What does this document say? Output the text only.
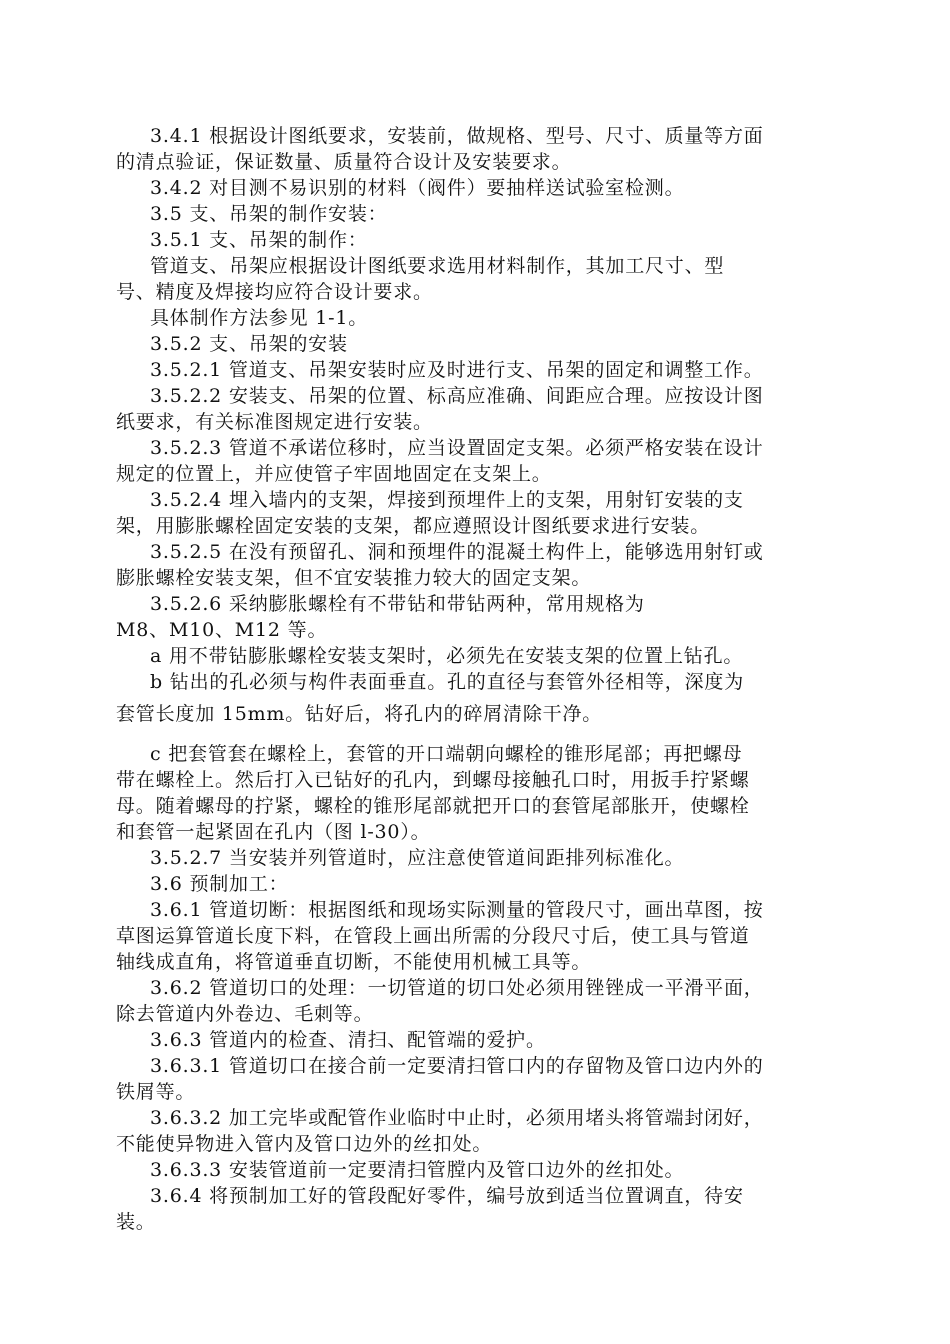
3.4.1 根据设计图纸要求，安装前，做规格、型号、尺寸、质量等方面
的清点验证，保证数量、质量符合设计及安装要求。
3.4.2 对目测不易识别的材料（阀件）要抽样送试验室检测。
3.5 支、吊架的制作安装：
3.5.1 支、吊架的制作：
管道支、吊架应根据设计图纸要求选用材料制作，其加工尺寸、型
号、精度及焊接均应符合设计要求。
具体制作方法参见 1-1。
3.5.2 支、吊架的安装
3.5.2.1 管道支、吊架安装时应及时进行支、吊架的固定和调整工作。
3.5.2.2 安装支、吊架的位置、标高应准确、间距应合理。应按设计图
纸要求，有关标准图规定进行安装。
3.5.2.3 管道不承诺位移时，应当设置固定支架。必须严格安装在设计
规定的位置上，并应使管子牢固地固定在支架上。
3.5.2.4 埋入墙内的支架，焊接到预埋件上的支架，用射钉安装的支
架，用膨胀螺栓固定安装的支架，都应遵照设计图纸要求进行安装。
3.5.2.5 在没有预留孔、洞和预埋件的混凝土构件上，能够选用射钉或
膨胀螺栓安装支架，但不宜安装推力较大的固定支架。
3.5.2.6 采纳膨胀螺栓有不带钻和带钻两种，常用规格为
M8、M10、M12 等。
a 用不带钻膨胀螺栓安装支架时，必须先在安装支架的位置上钻孔。
b 钻出的孔必须与构件表面垂直。孔的直径与套管外径相等，深度为
套管长度加 15mm。钻好后，将孔内的碎屑清除干净。
c 把套管套在螺栓上，套管的开口端朝向螺栓的锥形尾部；再把螺母
带在螺栓上。然后打入已钻好的孔内，到螺母接触孔口时，用扳手拧紧螺
母。随着螺母的拧紧，螺栓的锥形尾部就把开口的套管尾部胀开，使螺栓
和套管一起紧固在孔内（图 l-30）。
3.5.2.7 当安装并列管道时，应注意使管道间距排列标准化。
3.6 预制加工：
3.6.1 管道切断：根据图纸和现场实际测量的管段尺寸，画出草图，按
草图运算管道长度下料，在管段上画出所需的分段尺寸后，使工具与管道
轴线成直角，将管道垂直切断，不能使用机械工具等。
3.6.2 管道切口的处理：一切管道的切口处必须用锉锉成一平滑平面，
除去管道内外卷边、毛刺等。
3.6.3 管道内的检查、清扫、配管端的爱护。
3.6.3.1 管道切口在接合前一定要清扫管口内的存留物及管口边内外的
铁屑等。
3.6.3.2 加工完毕或配管作业临时中止时，必须用堵头将管端封闭好，
不能使异物进入管内及管口边外的丝扣处。
3.6.3.3 安装管道前一定要清扫管膛内及管口边外的丝扣处。
3.6.4 将预制加工好的管段配好零件，编号放到适当位置调直，待安
装。
